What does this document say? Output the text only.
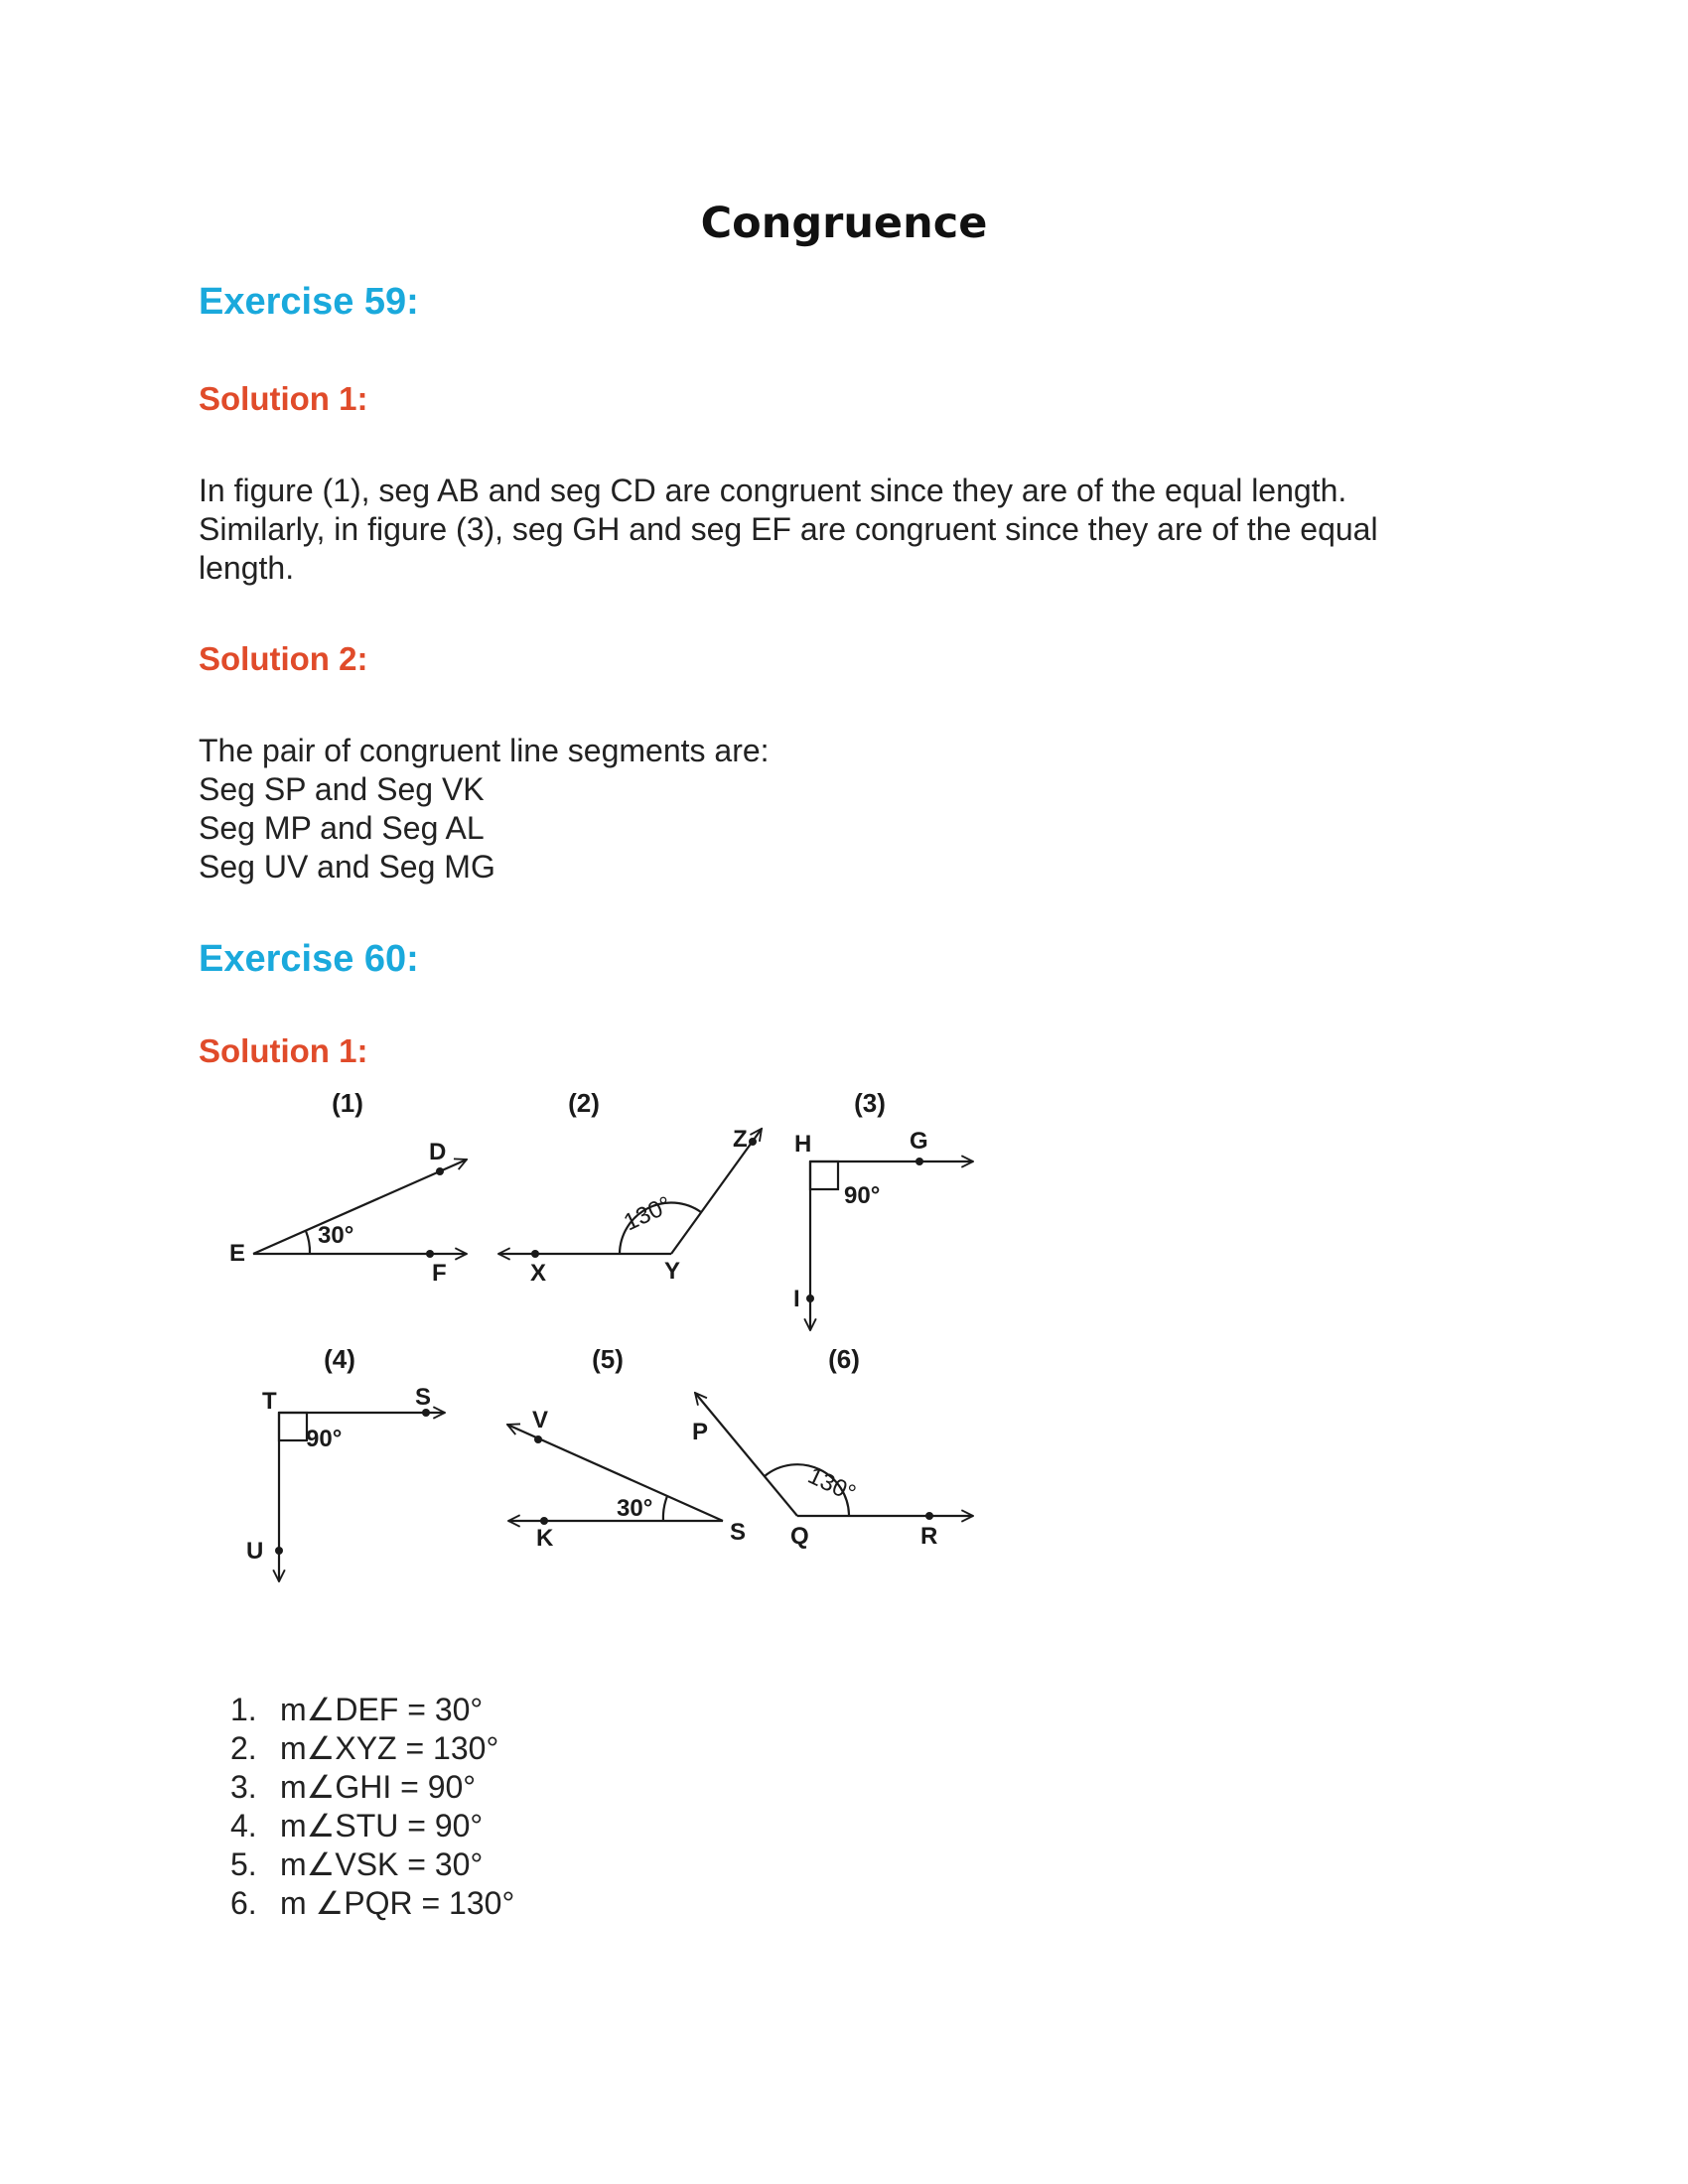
Congruence
Exercise 59:
Solution 1:
In figure (1), seg AB and seg CD are congruent since they are of the equal length.
Similarly, in figure (3), seg GH and seg EF are congruent since they are of the equal
length.
Solution 2:
The pair of congruent line segments are:
Seg SP and Seg VK
Seg MP and Seg AL
Seg UV and Seg MG
Exercise 60:
Solution 1:
(1)	(2)	(3)
(4)	(5)	(6)
D
E
F
30°
Z
X	Y
130°
H	G
I
90°
T	S
U
90°
V
K	S
30°
P
Q	R
130°
1. m∠DEF = 30°
2. m∠XYZ = 130°
3. m∠GHI = 90°
4. m∠STU = 90°
5. m∠VSK = 30°
6. m ∠PQR = 130°
